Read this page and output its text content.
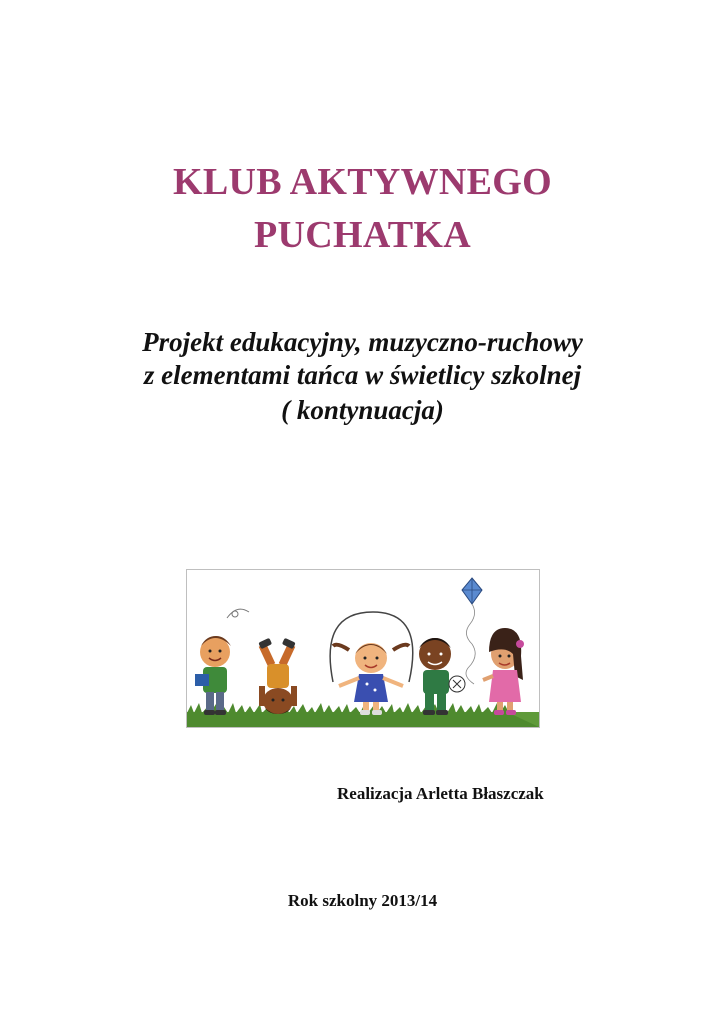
KLUB AKTYWNEGO
PUCHATKA
Projekt edukacyjny, muzyczno-ruchowy
z elementami tańca w świetlicy szkolnej
( kontynuacja)
Realizacja Arletta Błaszczak
Rok szkolny 2013/14
